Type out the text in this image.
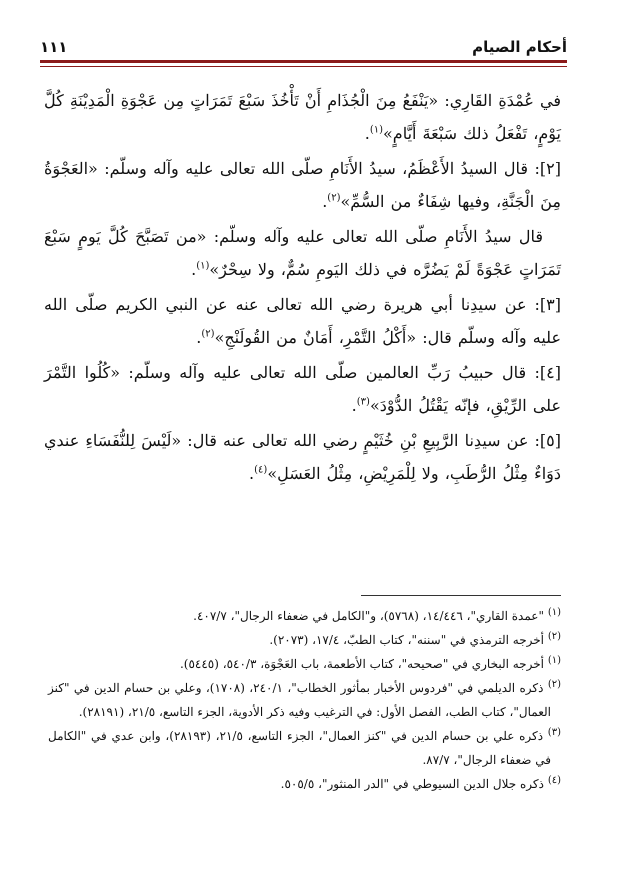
أحكام الصيام
١١١

في عُمْدَةِ القَارِي: «يَنْفَعُ مِنَ الْجُذَامِ أَنْ تَأْخُذَ سَبْعَ تَمَرَاتٍ مِن عَجْوَةِ الْمَدِيْنَةِ كُلَّ يَوْمٍ، تَفْعَلُ ذلك سَبْعَةَ أَيَّامٍ»$^{(١)}$.

[٢]: قال السيدُ الأَعْظَمُ، سيدُ الأَنَامِ صلّى الله تعالى عليه وآله وسلّم: «العَجْوَةُ مِنَ الْجَنَّةِ، وفيها شِفَاءٌ من السُّمِّ»$^{(٢)}$.

قال سيدُ الأَنَامِ صلّى الله تعالى عليه وآله وسلّم: «من تَصَبَّحَ كُلَّ يَومٍ سَبْعَ تَمَرَاتٍ عَجْوَةً لَمْ يَضُرَّه في ذلك اليَومِ سُمٌّ، ولا سِحْرٌ»$^{(١)}$.

[٣]: عن سيدِنا أبي هريرة رضي الله تعالى عنه عن النبي الكريم صلّى الله عليه وآله وسلّم قال: «أَكْلُ التَّمْرِ، أَمَانٌ من القُولَنْجِ»$^{(٢)}$.

[٤]: قال حبيبُ رَبِّ العالمين صلّى الله تعالى عليه وآله وسلّم: «كُلُوا التَّمْرَ على الرِّيْقِ، فإنّه يَقْتُلُ الدُّوْدَ»$^{(٣)}$.

[٥]: عن سيدِنا الرَّبِيعِ بْنِ خُثَيْمٍ رضي الله تعالى عنه قال: «لَيْسَ لِلنُّفَسَاءِ عندي دَوَاءٌ مِثْلُ الرُّطَبِ، ولا لِلْمَرِيْضِ، مِثْلُ العَسَلِ»$^{(٤)}$.

$^{(١)}$ "عمدة القاري"، ١٤/٤٤٦، (٥٧٦٨)، و"الكامل في ضعفاء الرجال"، ٤٠٧/٧.

$^{(٢)}$ أخرجه الترمذي في "سننه"، كتاب الطبّ، ١٧/٤، (٢٠٧٣).

$^{(١)}$ أخرجه البخاري في "صحيحه"، كتاب الأطعمة، باب العَجْوَة، ٥٤٠/٣، (٥٤٤٥).

$^{(٢)}$ ذكره الديلمي في "فردوس الأخبار بمأثور الخطاب"، ٢٤٠/١، (١٧٠٨)، وعلي بن حسام الدين في "كنز العمال"، كتاب الطب، الفصل الأول: في الترغيب وفيه ذكر الأدوية، الجزء التاسع، ٢١/٥، (٢٨١٩١).

$^{(٣)}$ ذكره علي بن حسام الدين في "كنز العمال"، الجزء التاسع، ٢١/٥، (٢٨١٩٣)، وابن عدي في "الكامل في ضعفاء الرجال"، ٨٧/٧.

$^{(٤)}$ ذكره جلال الدين السيوطي في "الدر المنثور"، ٥٠٥/٥.
